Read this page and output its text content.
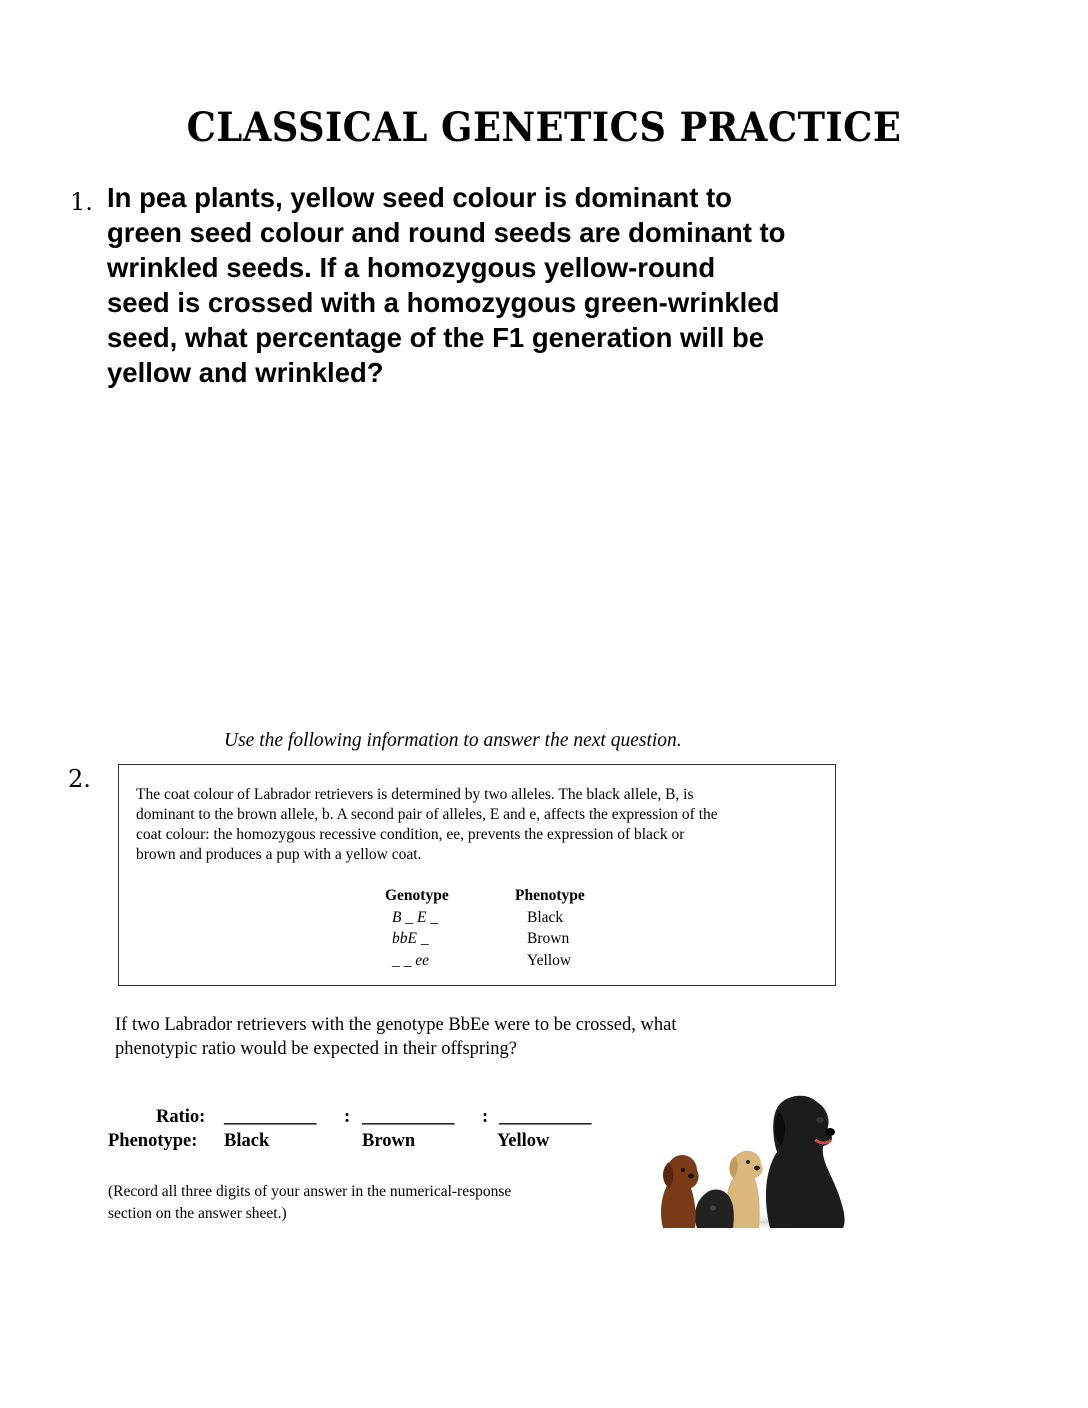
CLASSICAL GENETICS PRACTICE
1. In pea plants, yellow seed colour is dominant to
green seed colour and round seeds are dominant to
wrinkled seeds. If a homozygous yellow-round
seed is crossed with a homozygous green-wrinkled
seed, what percentage of the F1 generation will be
yellow and wrinkled?
Use the following information to answer the next question.
2.
The coat colour of Labrador retrievers is determined by two alleles. The black allele, B, is
dominant to the brown allele, b. A second pair of alleles, E and e, affects the expression of the
coat colour: the homozygous recessive condition, ee, prevents the expression of black or
brown and produces a pup with a yellow coat.
Genotype
B _ E _
bbE _
_ _ ee
Phenotype
Black
Brown
Yellow
If two Labrador retrievers with the genotype BbEe were to be crossed, what
phenotypic ratio would be expected in their offspring?
Ratio: __________ : __________ : __________
Phenotype: Black	Brown	Yellow
(Record all three digits of your answer in the numerical-response
section on the answer sheet.)
